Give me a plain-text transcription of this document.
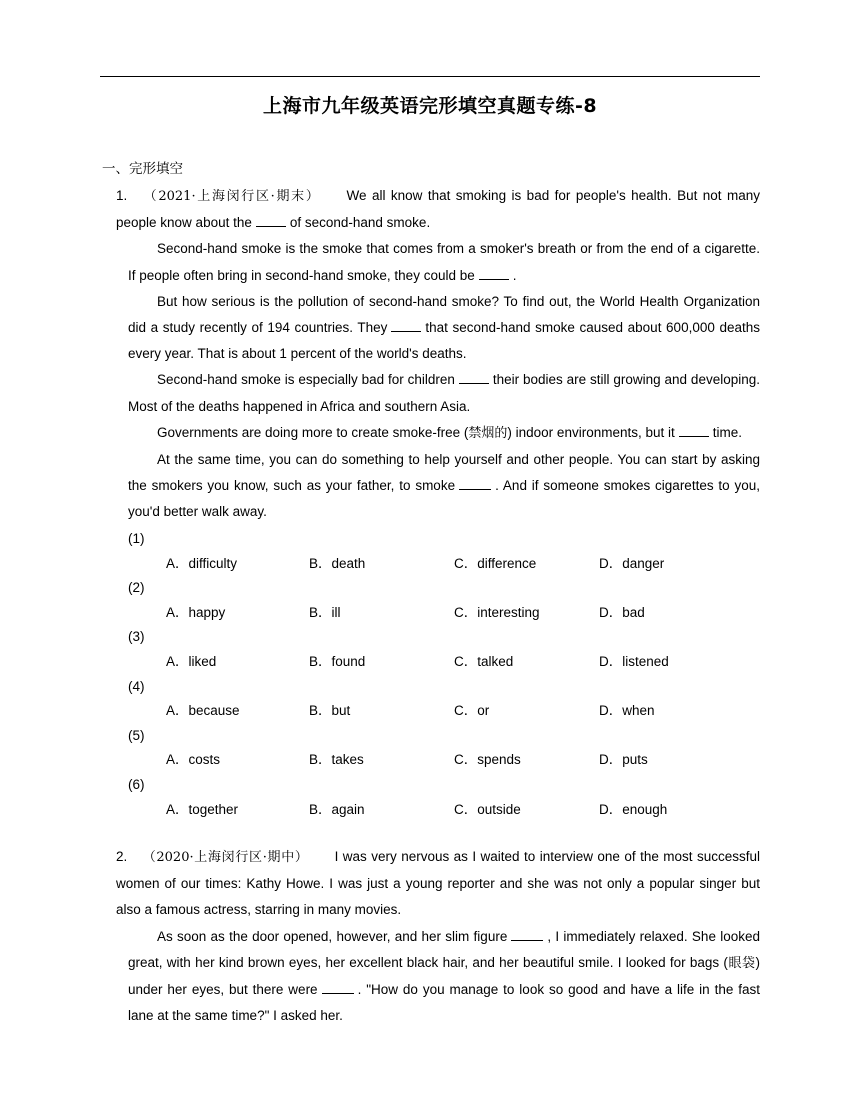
上海市九年级英语完形填空真题专练-8
一、完形填空

1. （2021·上海闵行区·期末） We all know that smoking is bad for people's health. But not many people know about the	of second-hand smoke.

Second-hand smoke is the smoke that comes from a smoker's breath or from the end of a cigarette. If people often bring in second-hand smoke, they could be	.

But how serious is the pollution of second-hand smoke? To find out, the World Health Organization did a study recently of 194 countries. They	that second-hand smoke caused about 600,000 deaths every year. That is about 1 percent of the world's deaths.

Second-hand smoke is especially bad for children	their bodies are still growing and developing. Most of the deaths happened in Africa and southern Asia.

Governments are doing more to create smoke-free (禁烟的) indoor environments, but it	time.

At the same time, you can do something to help yourself and other people. You can start by asking the smokers you know, such as your father, to smoke	. And if someone smokes cigarettes to you, you'd better walk away.

(1)
A．difficulty	B．death	C．difference	D．danger
(2)
A．happy	B．ill	C．interesting	D．bad
(3)
A．liked	B．found	C．talked	D．listened
(4)
A．because	B．but	C．or	D．when
(5)
A．costs	B．takes	C．spends	D．puts
(6)
A．together	B．again	C．outside	D．enough

2. （2020·上海闵行区·期中） I was very nervous as I waited to interview one of the most successful women of our times: Kathy Howe. I was just a young reporter and she was not only a popular singer but also a famous actress, starring in many movies.

As soon as the door opened, however, and her slim figure	, I immediately relaxed. She looked great, with her kind brown eyes, her excellent black hair, and her beautiful smile. I looked for bags (眼袋) under her eyes, but there were	. "How do you manage to look so good and have a life in the fast lane at the same time?" I asked her.
